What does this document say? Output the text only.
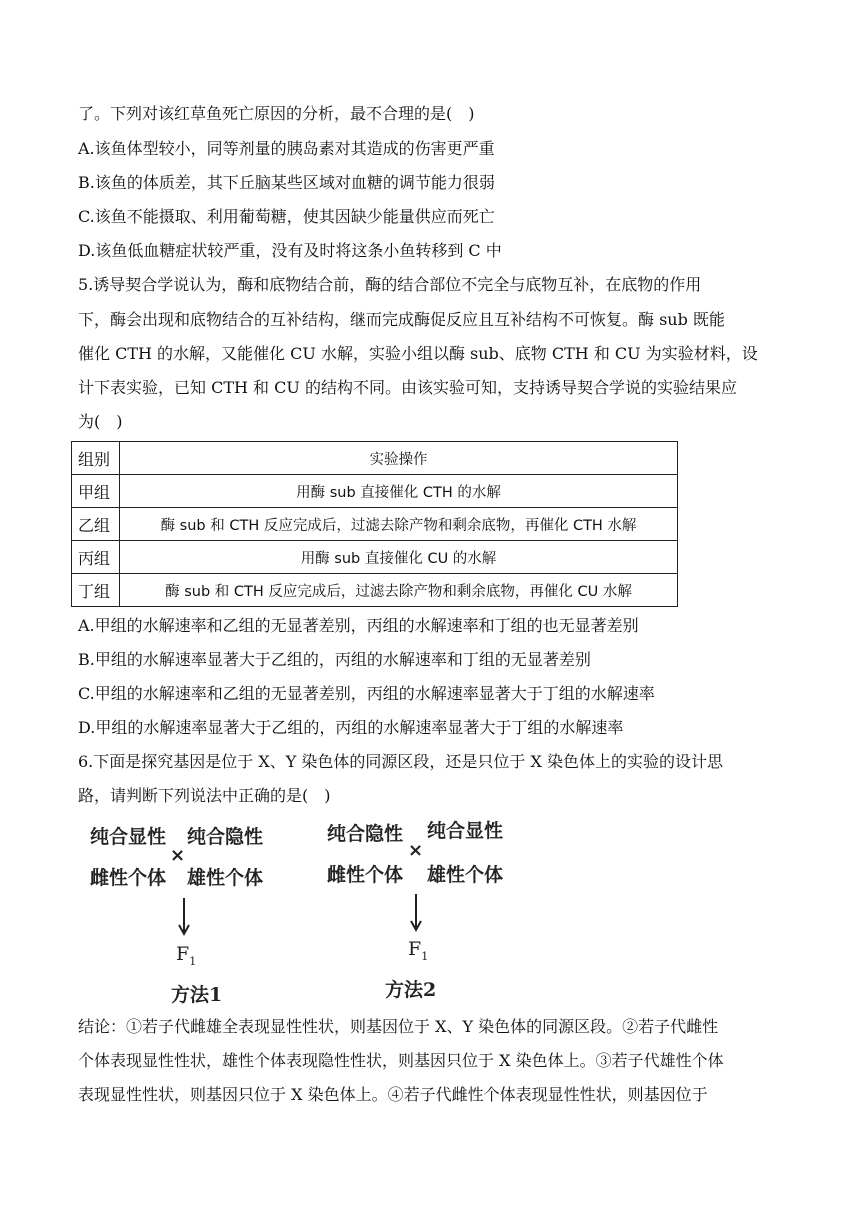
了。下列对该红草鱼死亡原因的分析，最不合理的是(　)
A.该鱼体型较小，同等剂量的胰岛素对其造成的伤害更严重
B.该鱼的体质差，其下丘脑某些区域对血糖的调节能力很弱
C.该鱼不能摄取、利用葡萄糖，使其因缺少能量供应而死亡
D.该鱼低血糖症状较严重，没有及时将这条小鱼转移到 C 中
5.诱导契合学说认为，酶和底物结合前，酶的结合部位不完全与底物互补，在底物的作用
下，酶会出现和底物结合的互补结构，继而完成酶促反应且互补结构不可恢复。酶 sub 既能
催化 CTH 的水解，又能催化 CU 水解，实验小组以酶 sub、底物 CTH 和 CU 为实验材料，设
计下表实验，已知 CTH 和 CU 的结构不同。由该实验可知，支持诱导契合学说的实验结果应
为(　)
组别	实验操作
甲组	用酶 sub 直接催化 CTH 的水解
乙组	酶 sub 和 CTH 反应完成后，过滤去除产物和剩余底物，再催化 CTH 水解
丙组	用酶 sub 直接催化 CU 的水解
丁组	酶 sub 和 CTH 反应完成后，过滤去除产物和剩余底物，再催化 CU 水解
A.甲组的水解速率和乙组的无显著差别，丙组的水解速率和丁组的也无显著差别
B.甲组的水解速率显著大于乙组的，丙组的水解速率和丁组的无显著差别
C.甲组的水解速率和乙组的无显著差别，丙组的水解速率显著大于丁组的水解速率
D.甲组的水解速率显著大于乙组的，丙组的水解速率显著大于丁组的水解速率
6.下面是探究基因是位于 X、Y 染色体的同源区段，还是只位于 X 染色体上的实验的设计思
路，请判断下列说法中正确的是(　)
纯合显性 纯合隐性
×
雌性个体 雄性个体
$F_1$
方法1
纯合隐性 纯合显性
×
雌性个体 雄性个体
$F_1$
方法2
结论：①若子代雌雄全表现显性性状，则基因位于 X、Y 染色体的同源区段。②若子代雌性
个体表现显性性状，雄性个体表现隐性性状，则基因只位于 X 染色体上。③若子代雄性个体
表现显性性状，则基因只位于 X 染色体上。④若子代雌性个体表现显性性状，则基因位于
